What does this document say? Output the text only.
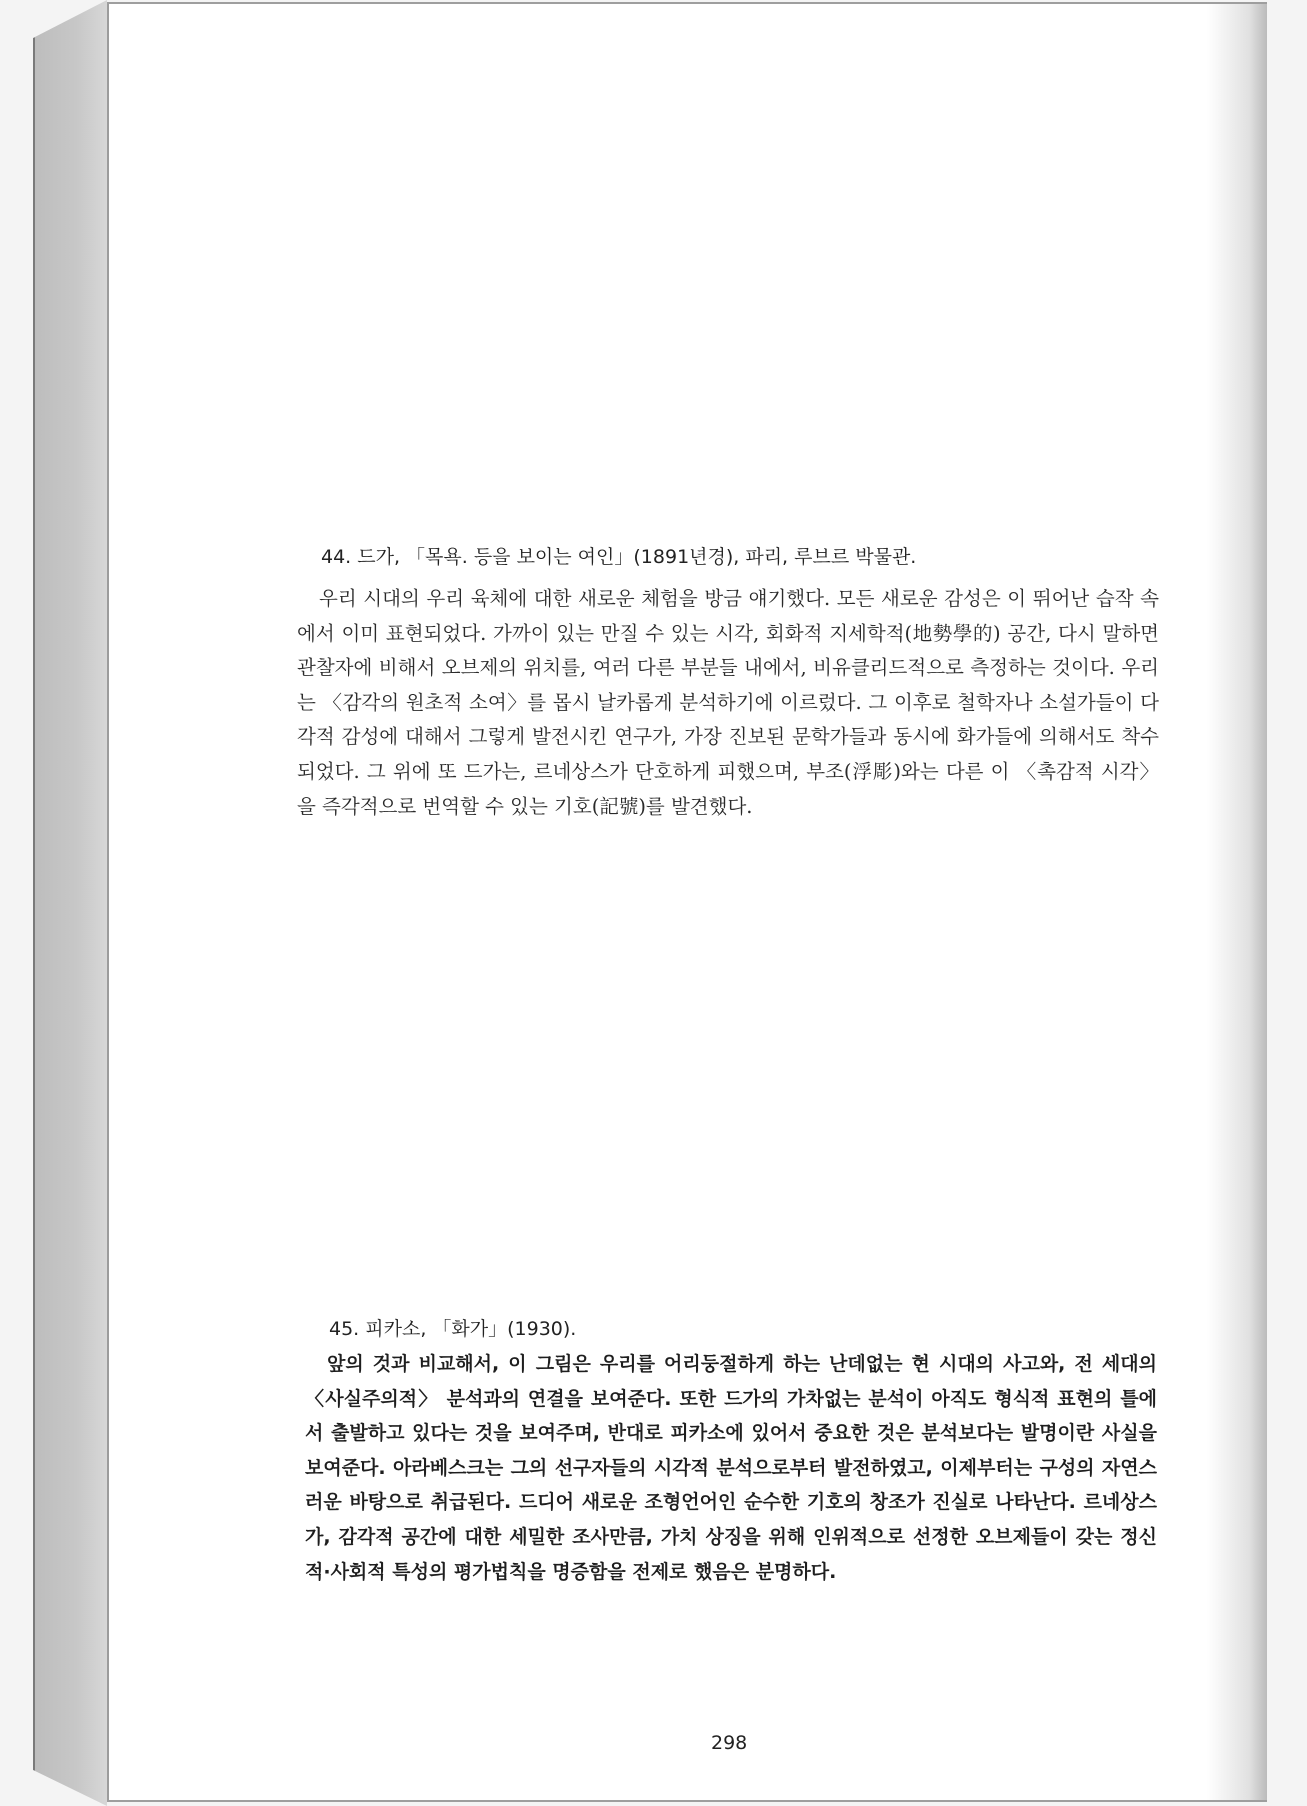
44. 드가, 「목욕. 등을 보이는 여인」(1891년경), 파리, 루브르 박물관.

우리 시대의 우리 육체에 대한 새로운 체험을 방금 얘기했다. 모든 새로운 감성은 이 뛰어난 습작 속에서 이미 표현되었다. 가까이 있는 만질 수 있는 시각, 회화적 지세학적(地勢學的) 공간, 다시 말하면 관찰자에 비해서 오브제의 위치를, 여러 다른 부분들 내에서, 비유클리드적으로 측정하는 것이다. 우리는 〈감각의 원초적 소여〉를 몹시 날카롭게 분석하기에 이르렀다. 그 이후로 철학자나 소설가들이 다각적 감성에 대해서 그렇게 발전시킨 연구가, 가장 진보된 문학가들과 동시에 화가들에 의해서도 착수되었다. 그 위에 또 드가는, 르네상스가 단호하게 피했으며, 부조(浮彫)와는 다른 이 〈촉감적 시각〉을 즉각적으로 번역할 수 있는 기호(記號)를 발견했다.

45. 피카소, 「화가」(1930).

앞의 것과 비교해서, 이 그림은 우리를 어리둥절하게 하는 난데없는 현 시대의 사고와, 전 세대의 〈사실주의적〉 분석과의 연결을 보여준다. 또한 드가의 가차없는 분석이 아직도 형식적 표현의 틀에서 출발하고 있다는 것을 보여주며, 반대로 피카소에 있어서 중요한 것은 분석보다는 발명이란 사실을 보여준다. 아라베스크는 그의 선구자들의 시각적 분석으로부터 발전하였고, 이제부터는 구성의 자연스러운 바탕으로 취급된다. 드디어 새로운 조형언어인 순수한 기호의 창조가 진실로 나타난다. 르네상스가, 감각적 공간에 대한 세밀한 조사만큼, 가치 상징을 위해 인위적으로 선정한 오브제들이 갖는 정신적·사회적 특성의 평가법칙을 명증함을 전제로 했음은 분명하다.

298
